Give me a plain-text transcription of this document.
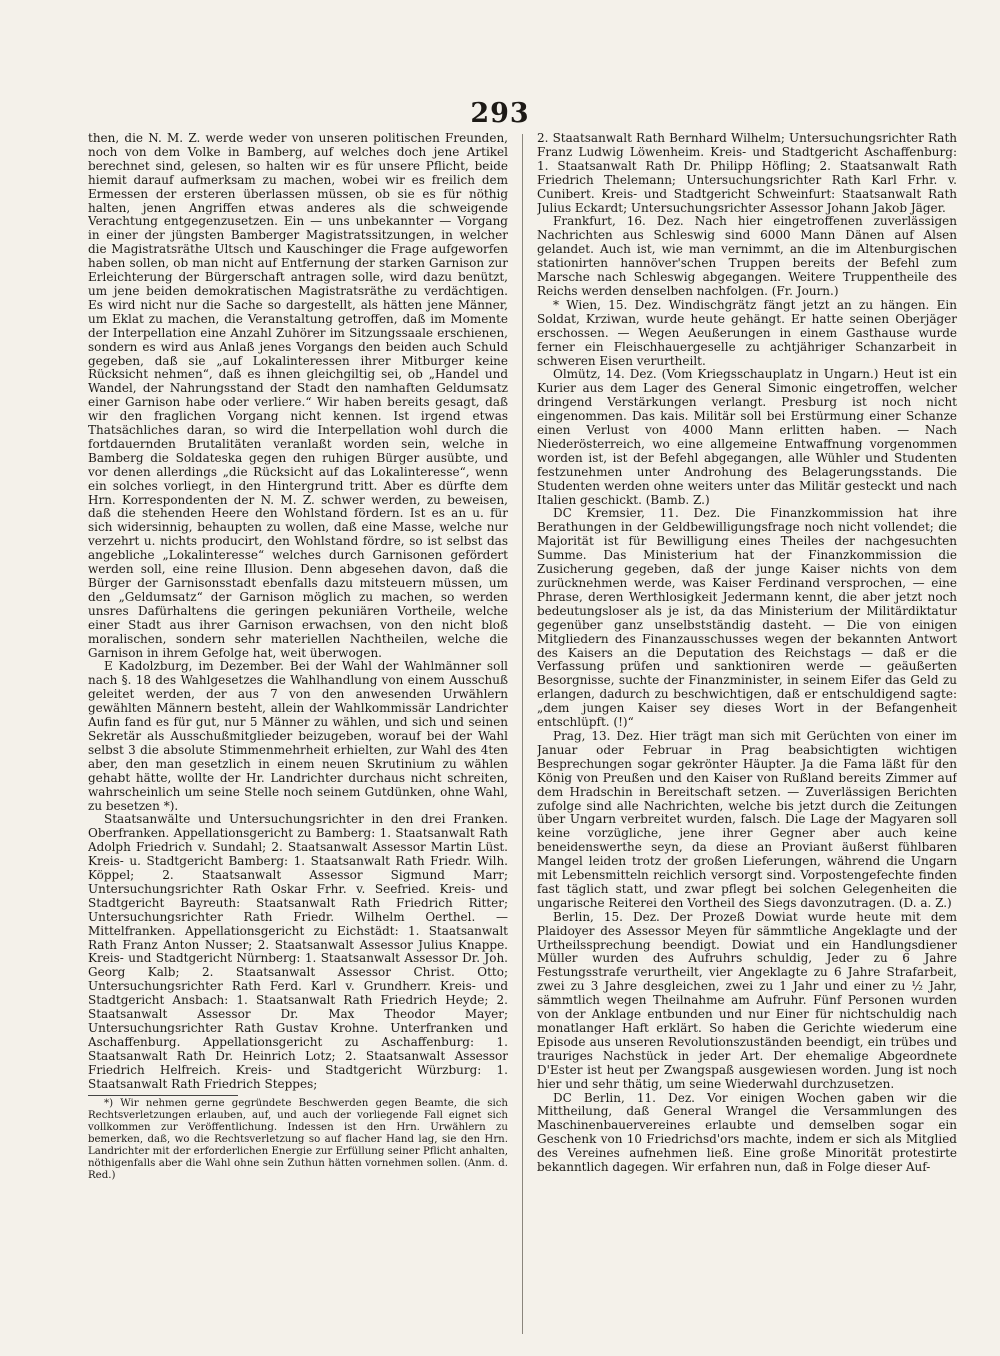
293

then, die N. M. Z. werde weder von unseren politischen Freunden, noch von dem Volke in Bamberg, auf welches doch jene Artikel berechnet sind, gelesen, so halten wir es für unsere Pflicht, beide hiemit darauf aufmerksam zu machen, wobei wir es freilich dem Ermessen der ersteren überlassen müssen, ob sie es für nöthig halten, jenen Angriffen etwas anderes als die schweigende Verachtung entgegenzusetzen. Ein — uns unbekannter — Vorgang in einer der jüngsten Bamberger Magistratssitzungen, in welcher die Magistratsräthe Ultsch und Kauschinger die Frage aufgeworfen haben sollen, ob man nicht auf Entfernung der starken Garnison zur Erleichterung der Bürgerschaft antragen solle, wird dazu benützt, um jene beiden demokratischen Magistratsräthe zu verdächtigen. Es wird nicht nur die Sache so dargestellt, als hätten jene Männer, um Eklat zu machen, die Veranstaltung getroffen, daß im Momente der Interpellation eine Anzahl Zuhörer im Sitzungssaale erschienen, sondern es wird aus Anlaß jenes Vorgangs den beiden auch Schuld gegeben, daß sie „auf Lokalinteressen ihrer Mitburger keine Rücksicht nehmen“, daß es ihnen gleichgiltig sei, ob „Handel und Wandel, der Nahrungsstand der Stadt den namhaften Geldumsatz einer Garnison habe oder verliere.“ Wir haben bereits gesagt, daß wir den fraglichen Vorgang nicht kennen. Ist irgend etwas Thatsächliches daran, so wird die Interpellation wohl durch die fortdauernden Brutalitäten veranlaßt worden sein, welche in Bamberg die Soldateska gegen den ruhigen Bürger ausübte, und vor denen allerdings „die Rücksicht auf das Lokalinteresse“, wenn ein solches vorliegt, in den Hintergrund tritt. Aber es dürfte dem Hrn. Korrespondenten der N. M. Z. schwer werden, zu beweisen, daß die stehenden Heere den Wohlstand fördern. Ist es an u. für sich widersinnig, behaupten zu wollen, daß eine Masse, welche nur verzehrt u. nichts producirt, den Wohlstand fördre, so ist selbst das angebliche „Lokalinteresse“ welches durch Garnisonen gefördert werden soll, eine reine Illusion. Denn abgesehen davon, daß die Bürger der Garnisonsstadt ebenfalls dazu mitsteuern müssen, um den „Geldumsatz“ der Garnison möglich zu machen, so werden unsres Dafürhaltens die geringen pekuniären Vortheile, welche einer Stadt aus ihrer Garnison erwachsen, von den nicht bloß moralischen, sondern sehr materiellen Nachtheilen, welche die Garnison in ihrem Gefolge hat, weit überwogen.

E Kadolzburg, im Dezember. Bei der Wahl der Wahlmänner soll nach §. 18 des Wahlgesetzes die Wahlhandlung von einem Ausschuß geleitet werden, der aus 7 von den anwesenden Urwählern gewählten Männern besteht, allein der Wahlkommissär Landrichter Aufin fand es für gut, nur 5 Männer zu wählen, und sich und seinen Sekretär als Ausschußmitglieder beizugeben, worauf bei der Wahl selbst 3 die absolute Stimmenmehrheit erhielten, zur Wahl des 4ten aber, den man gesetzlich in einem neuen Skrutinium zu wählen gehabt hätte, wollte der Hr. Landrichter durchaus nicht schreiten, wahrscheinlich um seine Stelle noch seinem Gutdünken, ohne Wahl, zu besetzen *).

Staatsanwälte und Untersuchungsrichter in den drei Franken. Oberfranken. Appellationsgericht zu Bamberg: 1. Staatsanwalt Rath Adolph Friedrich v. Sundahl; 2. Staatsanwalt Assessor Martin Lüst. Kreis- u. Stadtgericht Bamberg: 1. Staatsanwalt Rath Friedr. Wilh. Köppel; 2. Staatsanwalt Assessor Sigmund Marr; Untersuchungsrichter Rath Oskar Frhr. v. Seefried. Kreis- und Stadtgericht Bayreuth: Staatsanwalt Rath Friedrich Ritter; Untersuchungsrichter Rath Friedr. Wilhelm Oerthel. — Mittelfranken. Appellationsgericht zu Eichstädt: 1. Staatsanwalt Rath Franz Anton Nusser; 2. Staatsanwalt Assessor Julius Knappe. Kreis- und Stadtgericht Nürnberg: 1. Staatsanwalt Assessor Dr. Joh. Georg Kalb; 2. Staatsanwalt Assessor Christ. Otto; Untersuchungsrichter Rath Ferd. Karl v. Grundherr. Kreis- und Stadtgericht Ansbach: 1. Staatsanwalt Rath Friedrich Heyde; 2. Staatsanwalt Assessor Dr. Max Theodor Mayer; Untersuchungsrichter Rath Gustav Krohne. Unterfranken und Aschaffenburg. Appellationsgericht zu Aschaffenburg: 1. Staatsanwalt Rath Dr. Heinrich Lotz; 2. Staatsanwalt Assessor Friedrich Helfreich. Kreis- und Stadtgericht Würzburg: 1. Staatsanwalt Rath Friedrich Steppes;

*) Wir nehmen gerne gegründete Beschwerden gegen Beamte, die sich Rechtsverletzungen erlauben, auf, und auch der vorliegende Fall eignet sich vollkommen zur Veröffentlichung. Indessen ist den Hrn. Urwählern zu bemerken, daß, wo die Rechtsverletzung so auf flacher Hand lag, sie den Hrn. Landrichter mit der erforderlichen Energie zur Erfüllung seiner Pflicht anhalten, nöthigenfalls aber die Wahl ohne sein Zuthun hätten vornehmen sollen. (Anm. d. Red.)

2. Staatsanwalt Rath Bernhard Wilhelm; Untersuchungsrichter Rath Franz Ludwig Löwenheim. Kreis- und Stadtgericht Aschaffenburg: 1. Staatsanwalt Rath Dr. Philipp Höfling; 2. Staatsanwalt Rath Friedrich Thelemann; Untersuchungsrichter Rath Karl Frhr. v. Cunibert. Kreis- und Stadtgericht Schweinfurt: Staatsanwalt Rath Julius Eckardt; Untersuchungsrichter Assessor Johann Jakob Jäger.

Frankfurt, 16. Dez. Nach hier eingetroffenen zuverlässigen Nachrichten aus Schleswig sind 6000 Mann Dänen auf Alsen gelandet. Auch ist, wie man vernimmt, an die im Altenburgischen stationirten hannöver'schen Truppen bereits der Befehl zum Marsche nach Schleswig abgegangen. Weitere Truppentheile des Reichs werden denselben nachfolgen. (Fr. Journ.)

* Wien, 15. Dez. Windischgrätz fängt jetzt an zu hängen. Ein Soldat, Krziwan, wurde heute gehängt. Er hatte seinen Oberjäger erschossen. — Wegen Aeußerungen in einem Gasthause wurde ferner ein Fleischhauergeselle zu achtjähriger Schanzarbeit in schweren Eisen verurtheilt.

Olmütz, 14. Dez. (Vom Kriegsschauplatz in Ungarn.) Heut ist ein Kurier aus dem Lager des General Simonic eingetroffen, welcher dringend Verstärkungen verlangt. Presburg ist noch nicht eingenommen. Das kais. Militär soll bei Erstürmung einer Schanze einen Verlust von 4000 Mann erlitten haben. — Nach Niederösterreich, wo eine allgemeine Entwaffnung vorgenommen worden ist, ist der Befehl abgegangen, alle Wühler und Studenten festzunehmen unter Androhung des Belagerungsstands. Die Studenten werden ohne weiters unter das Militär gesteckt und nach Italien geschickt. (Bamb. Z.)

DC Kremsier, 11. Dez. Die Finanzkommission hat ihre Berathungen in der Geldbewilligungsfrage noch nicht vollendet; die Majorität ist für Bewilligung eines Theiles der nachgesuchten Summe. Das Ministerium hat der Finanzkommission die Zusicherung gegeben, daß der junge Kaiser nichts von dem zurücknehmen werde, was Kaiser Ferdinand versprochen, — eine Phrase, deren Werthlosigkeit Jedermann kennt, die aber jetzt noch bedeutungsloser als je ist, da das Ministerium der Militärdiktatur gegenüber ganz unselbstständig dasteht. — Die von einigen Mitgliedern des Finanzausschusses wegen der bekannten Antwort des Kaisers an die Deputation des Reichstags — daß er die Verfassung prüfen und sanktioniren werde — geäußerten Besorgnisse, suchte der Finanzminister, in seinem Eifer das Geld zu erlangen, dadurch zu beschwichtigen, daß er entschuldigend sagte: „dem jungen Kaiser sey dieses Wort in der Befangenheit entschlüpft. (!)“

Prag, 13. Dez. Hier trägt man sich mit Gerüchten von einer im Januar oder Februar in Prag beabsichtigten wichtigen Besprechungen sogar gekrönter Häupter. Ja die Fama läßt für den König von Preußen und den Kaiser von Rußland bereits Zimmer auf dem Hradschin in Bereitschaft setzen. — Zuverlässigen Berichten zufolge sind alle Nachrichten, welche bis jetzt durch die Zeitungen über Ungarn verbreitet wurden, falsch. Die Lage der Magyaren soll keine vorzügliche, jene ihrer Gegner aber auch keine beneidenswerthe seyn, da diese an Proviant äußerst fühlbaren Mangel leiden trotz der großen Lieferungen, während die Ungarn mit Lebensmitteln reichlich versorgt sind. Vorpostengefechte finden fast täglich statt, und zwar pflegt bei solchen Gelegenheiten die ungarische Reiterei den Vortheil des Siegs davonzutragen. (D. a. Z.)

Berlin, 15. Dez. Der Prozeß Dowiat wurde heute mit dem Plaidoyer des Assessor Meyen für sämmtliche Angeklagte und der Urtheilssprechung beendigt. Dowiat und ein Handlungsdiener Müller wurden des Aufruhrs schuldig, Jeder zu 6 Jahre Festungsstrafe verurtheilt, vier Angeklagte zu 6 Jahre Strafarbeit, zwei zu 3 Jahre desgleichen, zwei zu 1 Jahr und einer zu ½ Jahr, sämmtlich wegen Theilnahme am Aufruhr. Fünf Personen wurden von der Anklage entbunden und nur Einer für nichtschuldig nach monatlanger Haft erklärt. So haben die Gerichte wiederum eine Episode aus unseren Revolutionszuständen beendigt, ein trübes und trauriges Nachstück in jeder Art. Der ehemalige Abgeordnete D'Ester ist heut per Zwangspaß ausgewiesen worden. Jung ist noch hier und sehr thätig, um seine Wiederwahl durchzusetzen.

DC Berlin, 11. Dez. Vor einigen Wochen gaben wir die Mittheilung, daß General Wrangel die Versammlungen des Maschinenbauervereines erlaubte und demselben sogar ein Geschenk von 10 Friedrichsd'ors machte, indem er sich als Mitglied des Vereines aufnehmen ließ. Eine große Minorität protestirte bekanntlich dagegen. Wir erfahren nun, daß in Folge dieser Auf-
